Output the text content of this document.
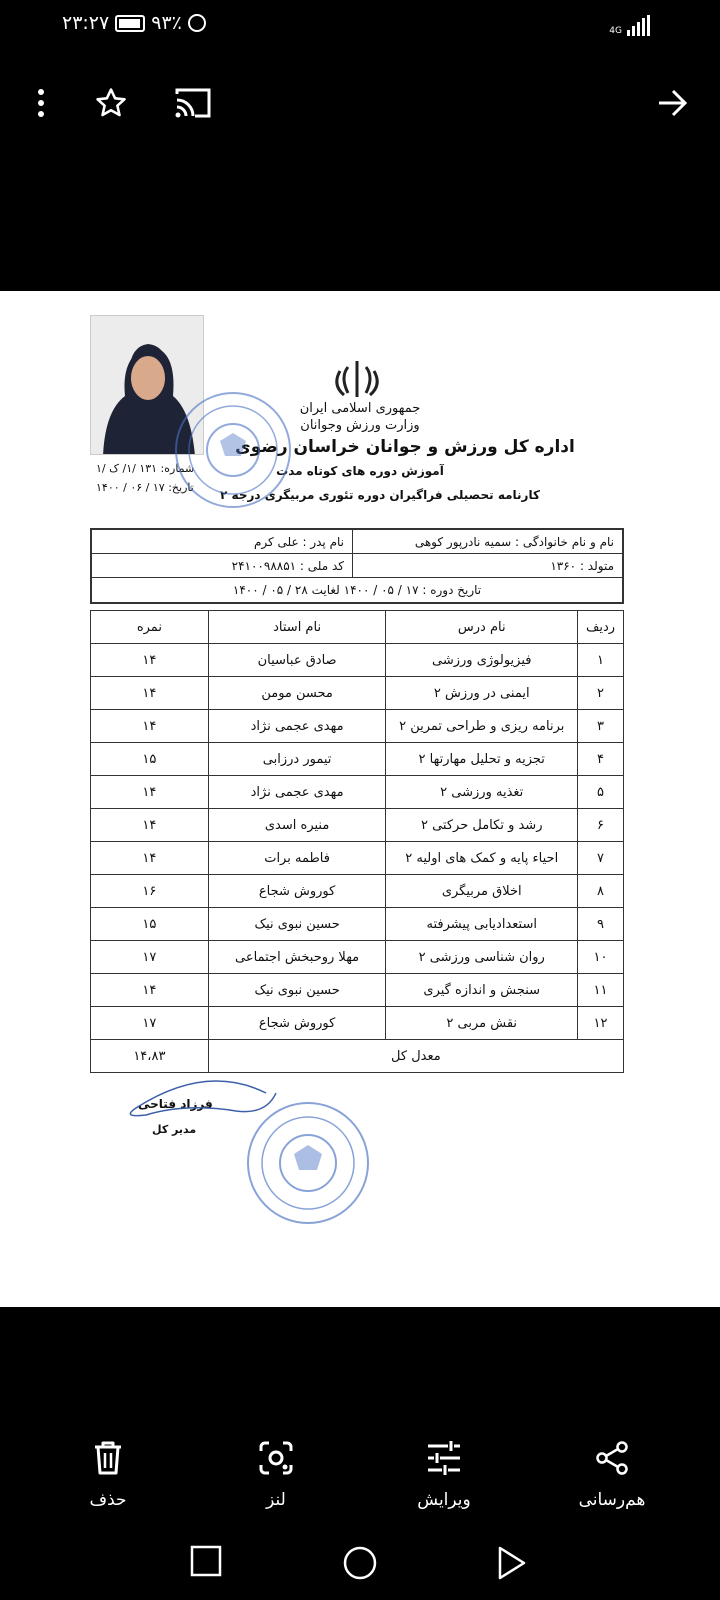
۲۳:۲۷ ۹۳٪	4G
جمهوری اسلامی ایران
وزارت ورزش وجوانان
اداره کل ورزش و جوانان خراسان رضوی
آموزش دوره های کوتاه مدت
کارنامه تحصیلی فراگیران دوره تئوری مربیگری درجه ۲
شماره: ۱۳۱ /۱/ ک /۱
تاریخ: ۱۷ / ۰۶ / ۱۴۰۰
نام و نام خانوادگی : سمیه نادرپور کوهی
نام پدر : علی کرم
متولد : ۱۳۶۰
کد ملی : ۲۴۱۰۰۹۸۸۵۱
تاریخ دوره : ۱۷ / ۰۵ / ۱۴۰۰ لغایت ۲۸ / ۰۵ / ۱۴۰۰
ردیف	نام درس	نام استاد	نمره
۱	فیزیولوژی ورزشی	صادق عباسیان	۱۴
۲	ایمنی در ورزش ۲	محسن مومن	۱۴
۳	برنامه ریزی و طراحی تمرین ۲	مهدی عجمی نژاد	۱۴
۴	تجزیه و تحلیل مهارتها ۲	تیمور درزابی	۱۵
۵	تغذیه ورزشی ۲	مهدی عجمی نژاد	۱۴
۶	رشد و تکامل حرکتی ۲	منیره اسدی	۱۴
۷	احیاء پایه و کمک های اولیه ۲	فاطمه برات	۱۴
۸	اخلاق مربیگری	کوروش شجاع	۱۶
۹	استعدادیابی پیشرفته	حسین نبوی نیک	۱۵
۱۰	روان شناسی ورزشی ۲	مهلا روحبخش اجتماعی	۱۷
۱۱	سنجش و اندازه گیری	حسین نبوی نیک	۱۴
۱۲	نقش مربی ۲	کوروش شجاع	۱۷
معدل کل			۱۴،۸۳
فرزاد فتاحی
مدیر کل
هم‌رسانی
ویرایش
لنز
حذف
